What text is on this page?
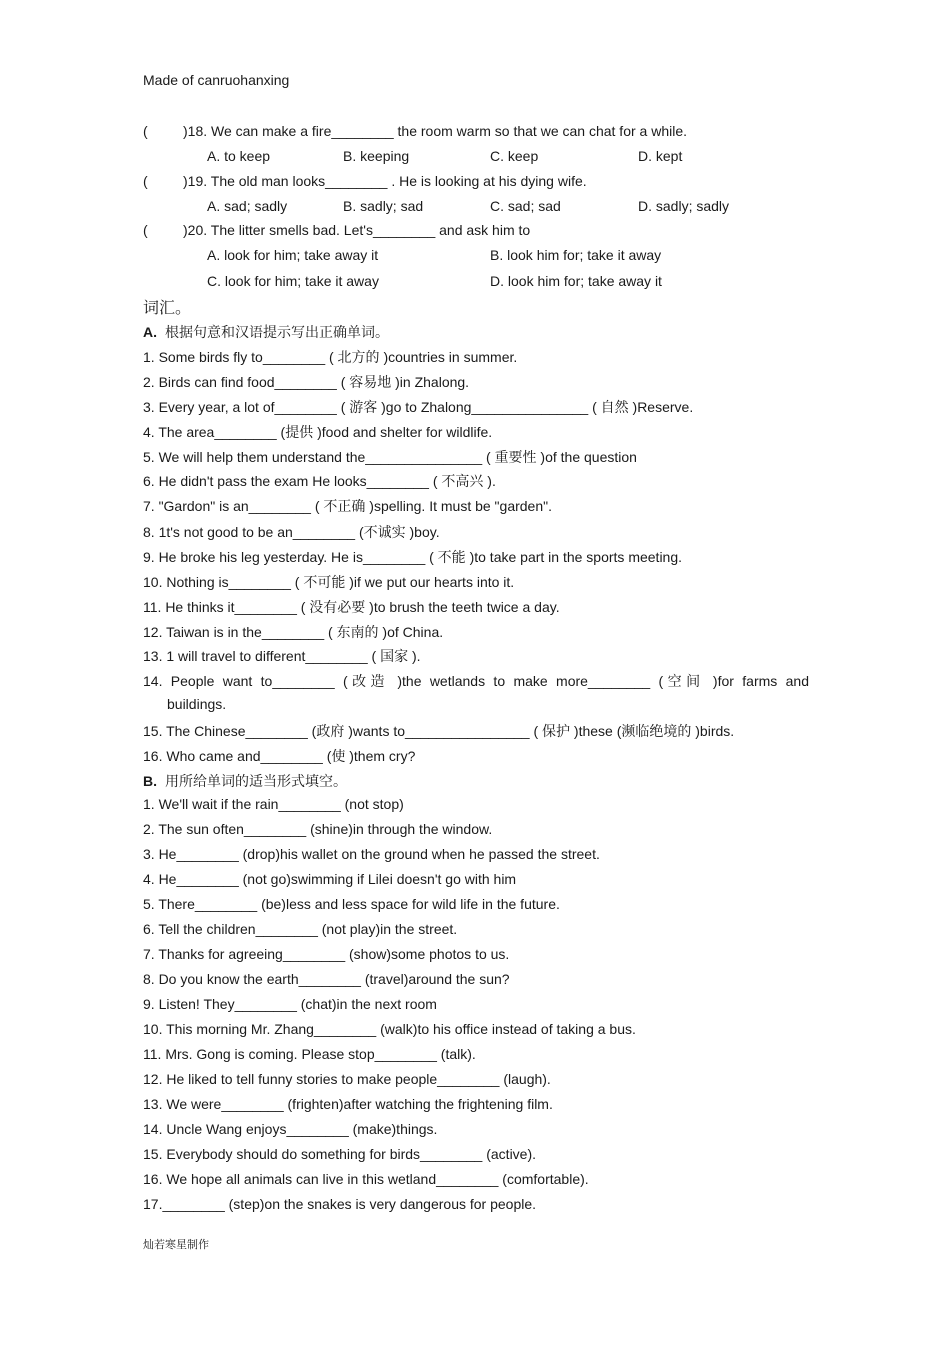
Made of canruohanxing
(	)18. We can make a fire________ the room warm so that we can chat for a while.
A. to keep	B. keeping	C. keep	D. kept
(	)19. The old man looks________ . He is looking at his dying wife.
A. sad; sadly	B. sadly; sad	C. sad; sad	D. sadly; sadly
(	)20. The litter smells bad. Let's________ and ask him to
A. look for him; take away it	B. look him for; take it away
C. look for him; take it away	D. look him for; take away it
词汇。
A. 根据句意和汉语提示写出正确单词。
1. Some birds fly to________ ( 北方的 )countries in summer.
2. Birds can find food________ ( 容易地 )in Zhalong.
3. Every year, a lot of________ ( 游客 )go to Zhalong_______________ ( 自然 )Reserve.
4. The area________ (提供 )food and shelter for wildlife.
5. We will help them understand the_______________ ( 重要性 )of the question
6. He didn't pass the exam He looks________ ( 不高兴 ).
7. "Gardon" is an________ ( 不正确 )spelling. It must be "garden".
8. 1t's not good to be an________ (不诚实 )boy.
9. He broke his leg yesterday. He is________ ( 不能 )to take part in the sports meeting.
10. Nothing is________ ( 不可能 )if we put our hearts into it.
11. He thinks it________ ( 没有必要 )to brush the teeth twice a day.
12. Taiwan is in the________ ( 东南的 )of China.
13. 1 will travel to different________ ( 国家 ).
14. People want to________ (改造 )the wetlands to make more________ (空间 )for farms and
buildings.
15. The Chinese________ (政府 )wants to________________ ( 保护 )these (濒临绝境的 )birds.
16. Who came and________ (使 )them cry?
B. 用所给单词的适当形式填空。
1. We'll wait if the rain________ (not stop)
2. The sun often________ (shine)in through the window.
3. He________ (drop)his wallet on the ground when he passed the street.
4. He________ (not go)swimming if Lilei doesn't go with him
5. There________ (be)less and less space for wild life in the future.
6. Tell the children________ (not play)in the street.
7. Thanks for agreeing________ (show)some photos to us.
8. Do you know the earth________ (travel)around the sun?
9. Listen! They________ (chat)in the next room
10. This morning Mr. Zhang________ (walk)to his office instead of taking a bus.
11. Mrs. Gong is coming. Please stop________ (talk).
12. He liked to tell funny stories to make people________ (laugh).
13. We were________ (frighten)after watching the frightening film.
14. Uncle Wang enjoys________ (make)things.
15. Everybody should do something for birds________ (active).
16. We hope all animals can live in this wetland________ (comfortable).
17.________ (step)on the snakes is very dangerous for people.
灿若寒星制作
